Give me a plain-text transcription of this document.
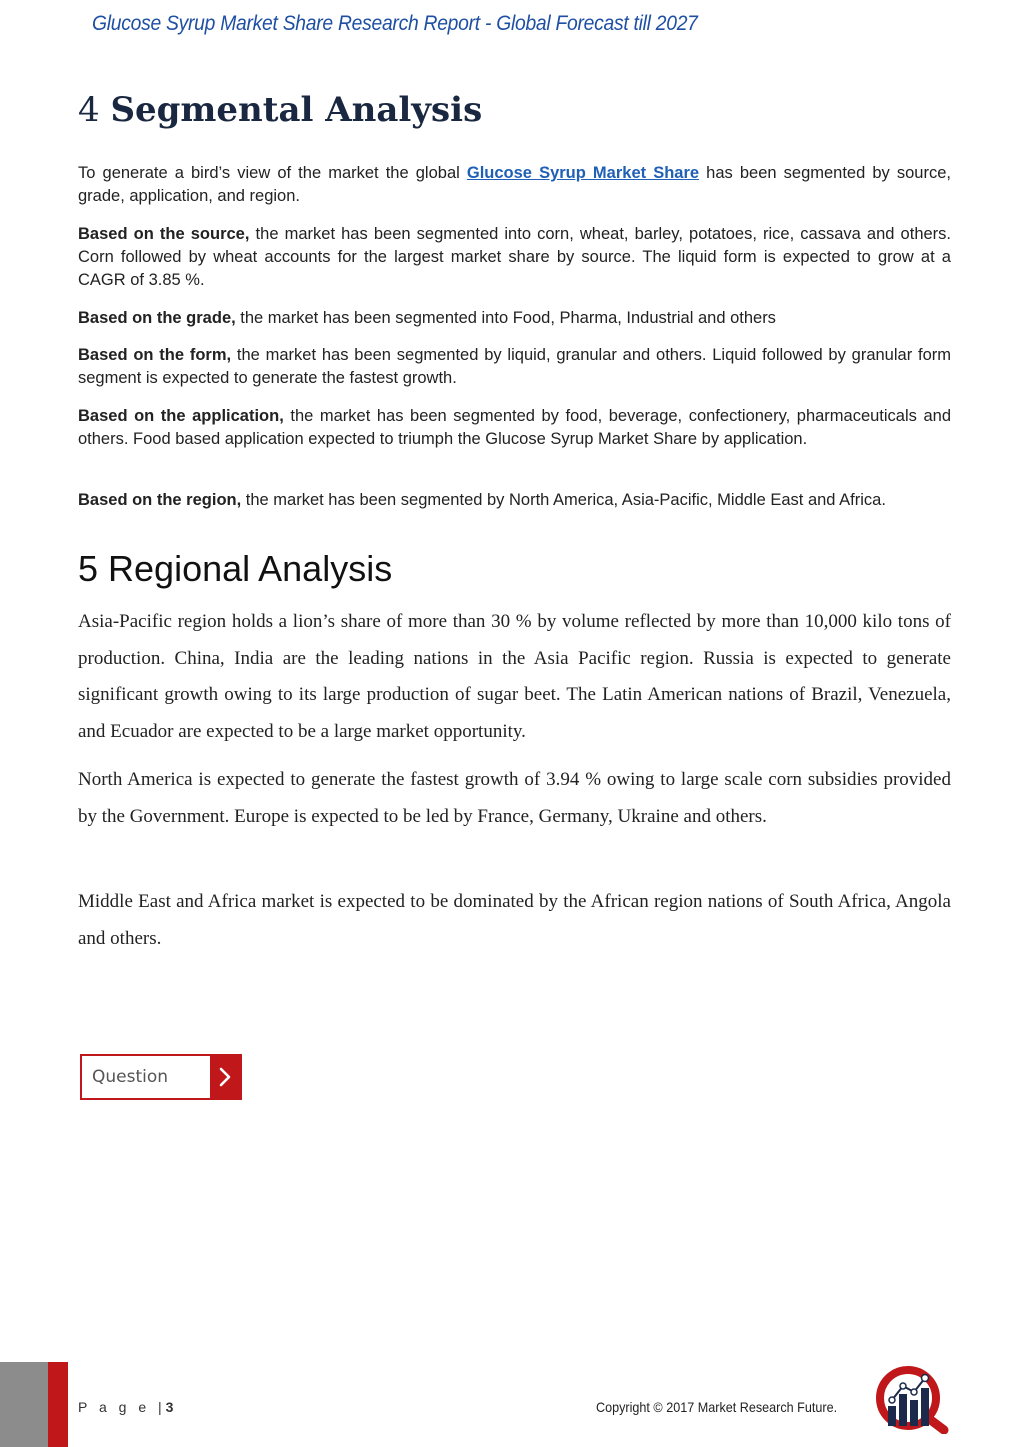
Glucose Syrup Market Share Research Report - Global Forecast till 2027
4 Segmental Analysis

To generate a bird’s view of the market the global Glucose Syrup Market Share has been segmented by source, grade, application, and region.

Based on the source, the market has been segmented into corn, wheat, barley, potatoes, rice, cassava and others. Corn followed by wheat accounts for the largest market share by source. The liquid form is expected to grow at a CAGR of 3.85 %.

Based on the grade, the market has been segmented into Food, Pharma, Industrial and others

Based on the form, the market has been segmented by liquid, granular and others. Liquid followed by granular form segment is expected to generate the fastest growth.

Based on the application, the market has been segmented by food, beverage, confectionery, pharmaceuticals and others. Food based application expected to triumph the Glucose Syrup Market Share by application.

Based on the region, the market has been segmented by North America, Asia-Pacific, Middle East and Africa.

5 Regional Analysis

Asia-Pacific region holds a lion’s share of more than 30 % by volume reflected by more than 10,000 kilo tons of production. China, India are the leading nations in the Asia Pacific region. Russia is expected to generate significant growth owing to its large production of sugar beet. The Latin American nations of Brazil, Venezuela, and Ecuador are expected to be a large market opportunity.

North America is expected to generate the fastest growth of 3.94 % owing to large scale corn subsidies provided by the Government. Europe is expected to be led by France, Germany, Ukraine and others.

Middle East and Africa market is expected to be dominated by the African region nations of South Africa, Angola and others.

Question
P a g e |3	Copyright © 2017 Market Research Future.
